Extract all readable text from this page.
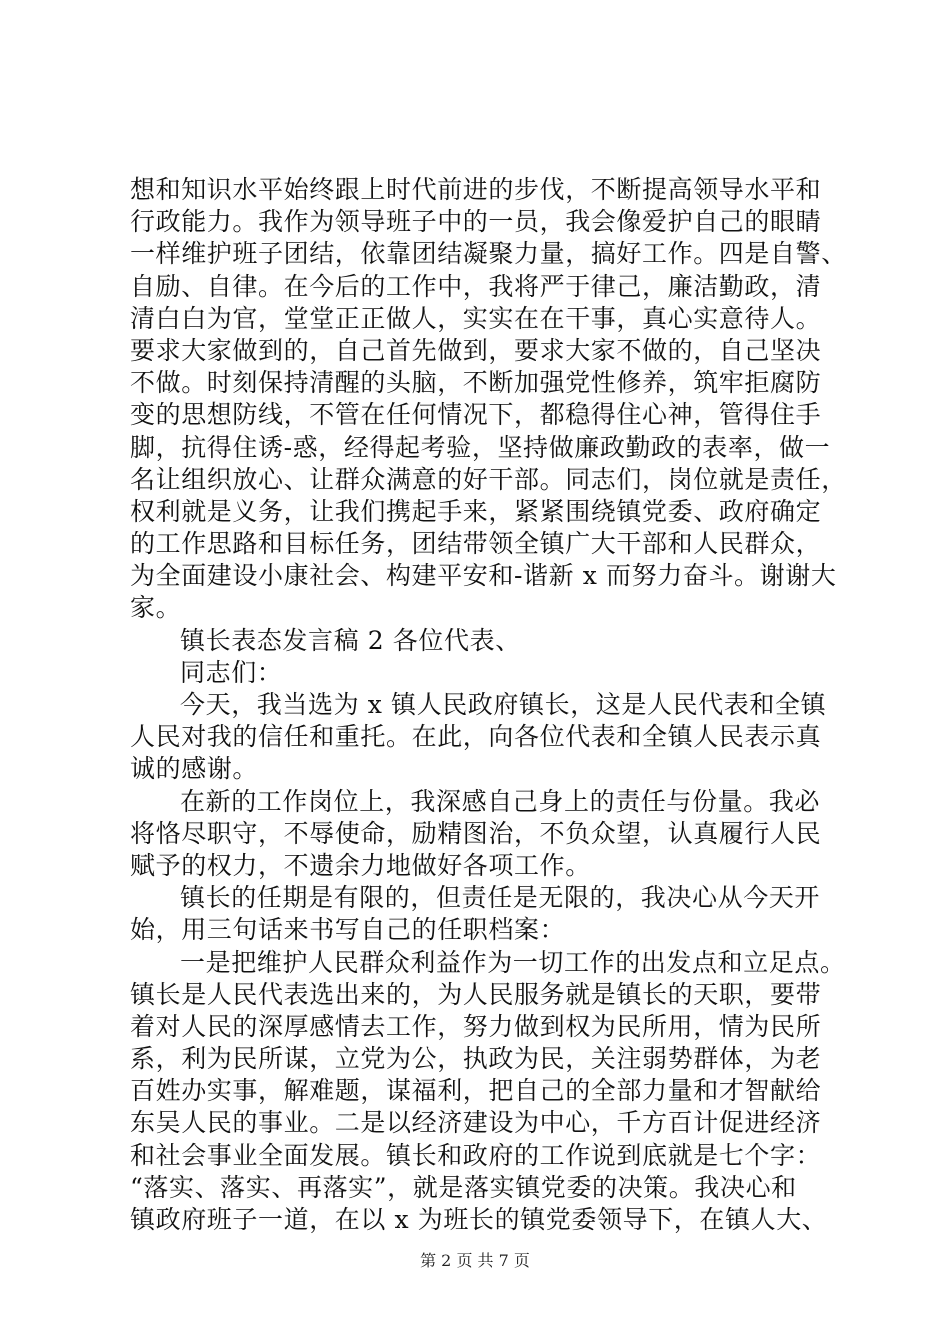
想和知识水平始终跟上时代前进的步伐，不断提高领导水平和
行政能力。我作为领导班子中的一员，我会像爱护自己的眼睛
一样维护班子团结，依靠团结凝聚力量，搞好工作。四是自警、
自励、自律。在今后的工作中，我将严于律己，廉洁勤政，清
清白白为官，堂堂正正做人，实实在在干事，真心实意待人。
要求大家做到的，自己首先做到，要求大家不做的，自己坚决
不做。时刻保持清醒的头脑，不断加强党性修养，筑牢拒腐防
变的思想防线，不管在任何情况下，都稳得住心神，管得住手
脚，抗得住诱-惑，经得起考验，坚持做廉政勤政的表率，做一
名让组织放心、让群众满意的好干部。同志们，岗位就是责任，
权利就是义务，让我们携起手来，紧紧围绕镇党委、政府确定
的工作思路和目标任务，团结带领全镇广大干部和人民群众，
为全面建设小康社会、构建平安和-谐新 x 而努力奋斗。谢谢大
家。
镇长表态发言稿 2 各位代表、
同志们：
今天，我当选为 x 镇人民政府镇长，这是人民代表和全镇
人民对我的信任和重托。在此，向各位代表和全镇人民表示真
诚的感谢。
在新的工作岗位上，我深感自己身上的责任与份量。我必
将恪尽职守，不辱使命，励精图治，不负众望，认真履行人民
赋予的权力，不遗余力地做好各项工作。
镇长的任期是有限的，但责任是无限的，我决心从今天开
始，用三句话来书写自己的任职档案：
一是把维护人民群众利益作为一切工作的出发点和立足点。
镇长是人民代表选出来的，为人民服务就是镇长的天职，要带
着对人民的深厚感情去工作，努力做到权为民所用，情为民所
系，利为民所谋，立党为公，执政为民，关注弱势群体，为老
百姓办实事，解难题，谋福利，把自己的全部力量和才智献给
东吴人民的事业。二是以经济建设为中心，千方百计促进经济
和社会事业全面发展。镇长和政府的工作说到底就是七个字：
“落实、落实、再落实”，就是落实镇党委的决策。我决心和
镇政府班子一道，在以 x 为班长的镇党委领导下，在镇人大、
第 2 页 共 7 页
